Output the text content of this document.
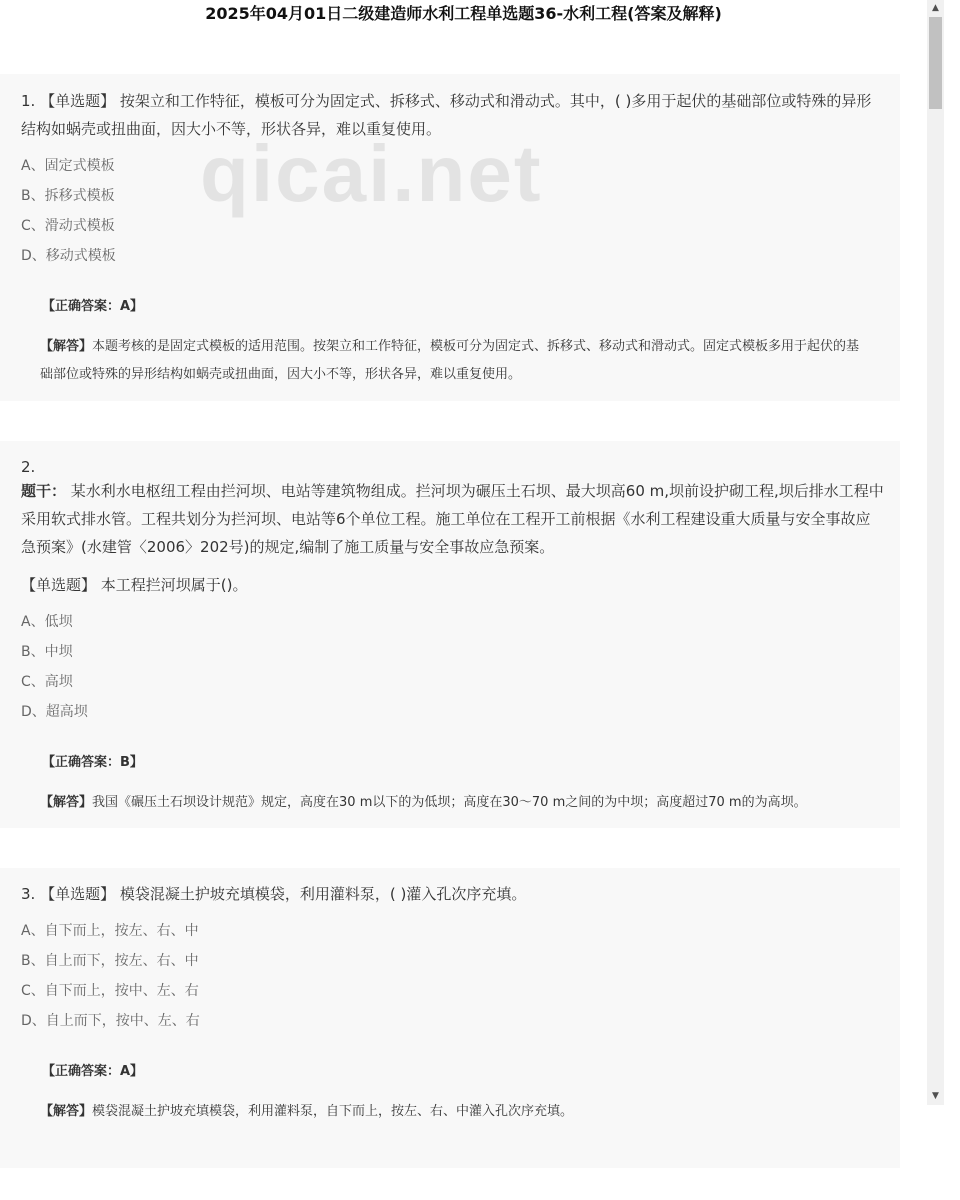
2025年04月01日二级建造师水利工程单选题36-水利工程(答案及解释)

1. 【单选题】 按架立和工作特征，模板可分为固定式、拆移式、移动式和滑动式。其中，( )多用于起伏的基础部位或特殊的异形结构如蜗壳或扭曲面，因大小不等，形状各异，难以重复使用。

A、固定式模板
B、拆移式模板
C、滑动式模板
D、移动式模板
【正确答案：A】

【解答】本题考核的是固定式模板的适用范围。按架立和工作特征，模板可分为固定式、拆移式、移动式和滑动式。固定式模板多用于起伏的基础部位或特殊的异形结构如蜗壳或扭曲面，因大小不等，形状各异，难以重复使用。

qicai.net

2.

题干： 某水利水电枢纽工程由拦河坝、电站等建筑物组成。拦河坝为碾压土石坝、最大坝高60 m,坝前设护砌工程,坝后排水工程中采用软式排水管。工程共划分为拦河坝、电站等6个单位工程。施工单位在工程开工前根据《水利工程建设重大质量与安全事故应急预案》(水建管〈2006〉202号)的规定,编制了施工质量与安全事故应急预案。

【单选题】 本工程拦河坝属于()。

A、低坝
B、中坝
C、高坝
D、超高坝
【正确答案：B】

【解答】我国《碾压土石坝设计规范》规定，高度在30 m以下的为低坝；高度在30～70 m之间的为中坝；高度超过70 m的为高坝。

3. 【单选题】 模袋混凝土护坡充填模袋，利用灌料泵，( )灌入孔次序充填。

A、自下而上，按左、右、中
B、自上而下，按左、右、中
C、自下而上，按中、左、右
D、自上而下，按中、左、右
【正确答案：A】

【解答】模袋混凝土护坡充填模袋，利用灌料泵，自下而上，按左、右、中灌入孔次序充填。

▲
▼
